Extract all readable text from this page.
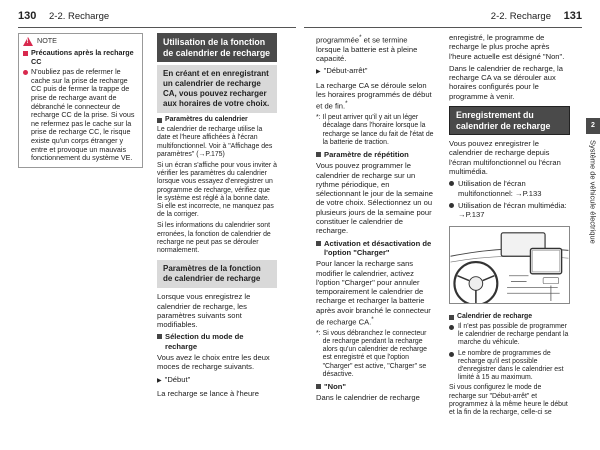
130 2-2. Recharge	2-2. Recharge 131
!
NOTE
Précautions après la recharge CC
N'oubliez pas de refermer le cache sur la prise de recharge CC puis de fermer la trappe de prise de recharge avant de débranché le connecteur de recharge CC de la prise. Si vous ne refermez pas le cache sur la prise de recharge CC, le risque existe qu'un corps étranger y entre et provoque un mauvais fonctionnement du système VE.
Utilisation de la fonction de calendrier de recharge
En créant et en enregistrant un calendrier de recharge CA, vous pouvez recharger aux horaires de votre choix.
Paramètres du calendrier

Le calendrier de recharge utilise la date et l'heure affichées à l'écran multifonctionnel. Voir à "Affichage des paramètres" (→P.175)

Si un écran s'affiche pour vous inviter à vérifier les paramètres du calendrier lorsque vous essayez d'enregistrer un programme de recharge, vérifiez que le système est réglé à la bonne date. Si elle est incorrecte, ne manquez pas de la corriger.

Si les informations du calendrier sont erronées, la fonction de calendrier de recharge ne peut pas se dérouler normalement.

Paramètres de la fonction de calendrier de recharge

Lorsque vous enregistrez le calendrier de recharge, les paramètres suivants sont modifiables.

Sélection du mode de recharge

Vous avez le choix entre les deux moces de recharge suivants.

▶ "Début"

La recharge se lance à l'heure

programmée* et se termine lorsque la batterie est à pleine capacité.

▶ "Début-arrêt"

La recharge CA se déroule selon les horaires programmés de début et de fin.*

*: Il peut arriver qu'il y ait un léger décalage dans l'horaire lorsque la recharge se lance du fait de l'état de la batterie de traction.
Paramètre de répétition

Vous pouvez programmer le calendrier de recharge sur un rythme périodique, en sélectionnant le jour de la semaine de votre choix. Sélectionnez un ou plusieurs jours de la semaine pour constituer le calendrier de recharge.

Activation et désactivation de l'option "Charger"

Pour lancer la recharge sans modifier le calendrier, activez l'option "Charger" pour annuler temporairement le calendrier de recharge et recharger la batterie après avoir branché le connecteur de recharge CA.*

*: Si vous débranchez le connecteur de recharge pendant la recharge alors qu'un calendrier de recharge est enregistré et que l'option "Charger" est active, "Charger" se désactive.
"Non"

Dans le calendrier de recharge

enregistré, le programme de recharge le plus proche après l'heure actuelle est désigné "Non".

Dans le calendrier de recharge, la recharge CA va se dérouler aux horaires configurés pour le programme à venir.

Enregistrement du calendrier de recharge

Vous pouvez enregistrer le calendrier de recharge depuis l'écran multifonctionnel ou l'écran multimédia.

Utilisation de l'écran multifonctionnel: →P.133
Utilisation de l'écran multimédia: →P.137
Calendrier de recharge
Il n'est pas possible de programmer le calendrier de recharge pendant la marche du véhicule.
Le nombre de programmes de recharge qu'il est possible d'enregistrer dans le calendrier est limité à 15 au maximum.

Si vous configurez le mode de recharge sur "Début-arrêt" et programmez à la même heure le début et la fin de la recharge, celle-ci se

2
Système de véhicule électrique
